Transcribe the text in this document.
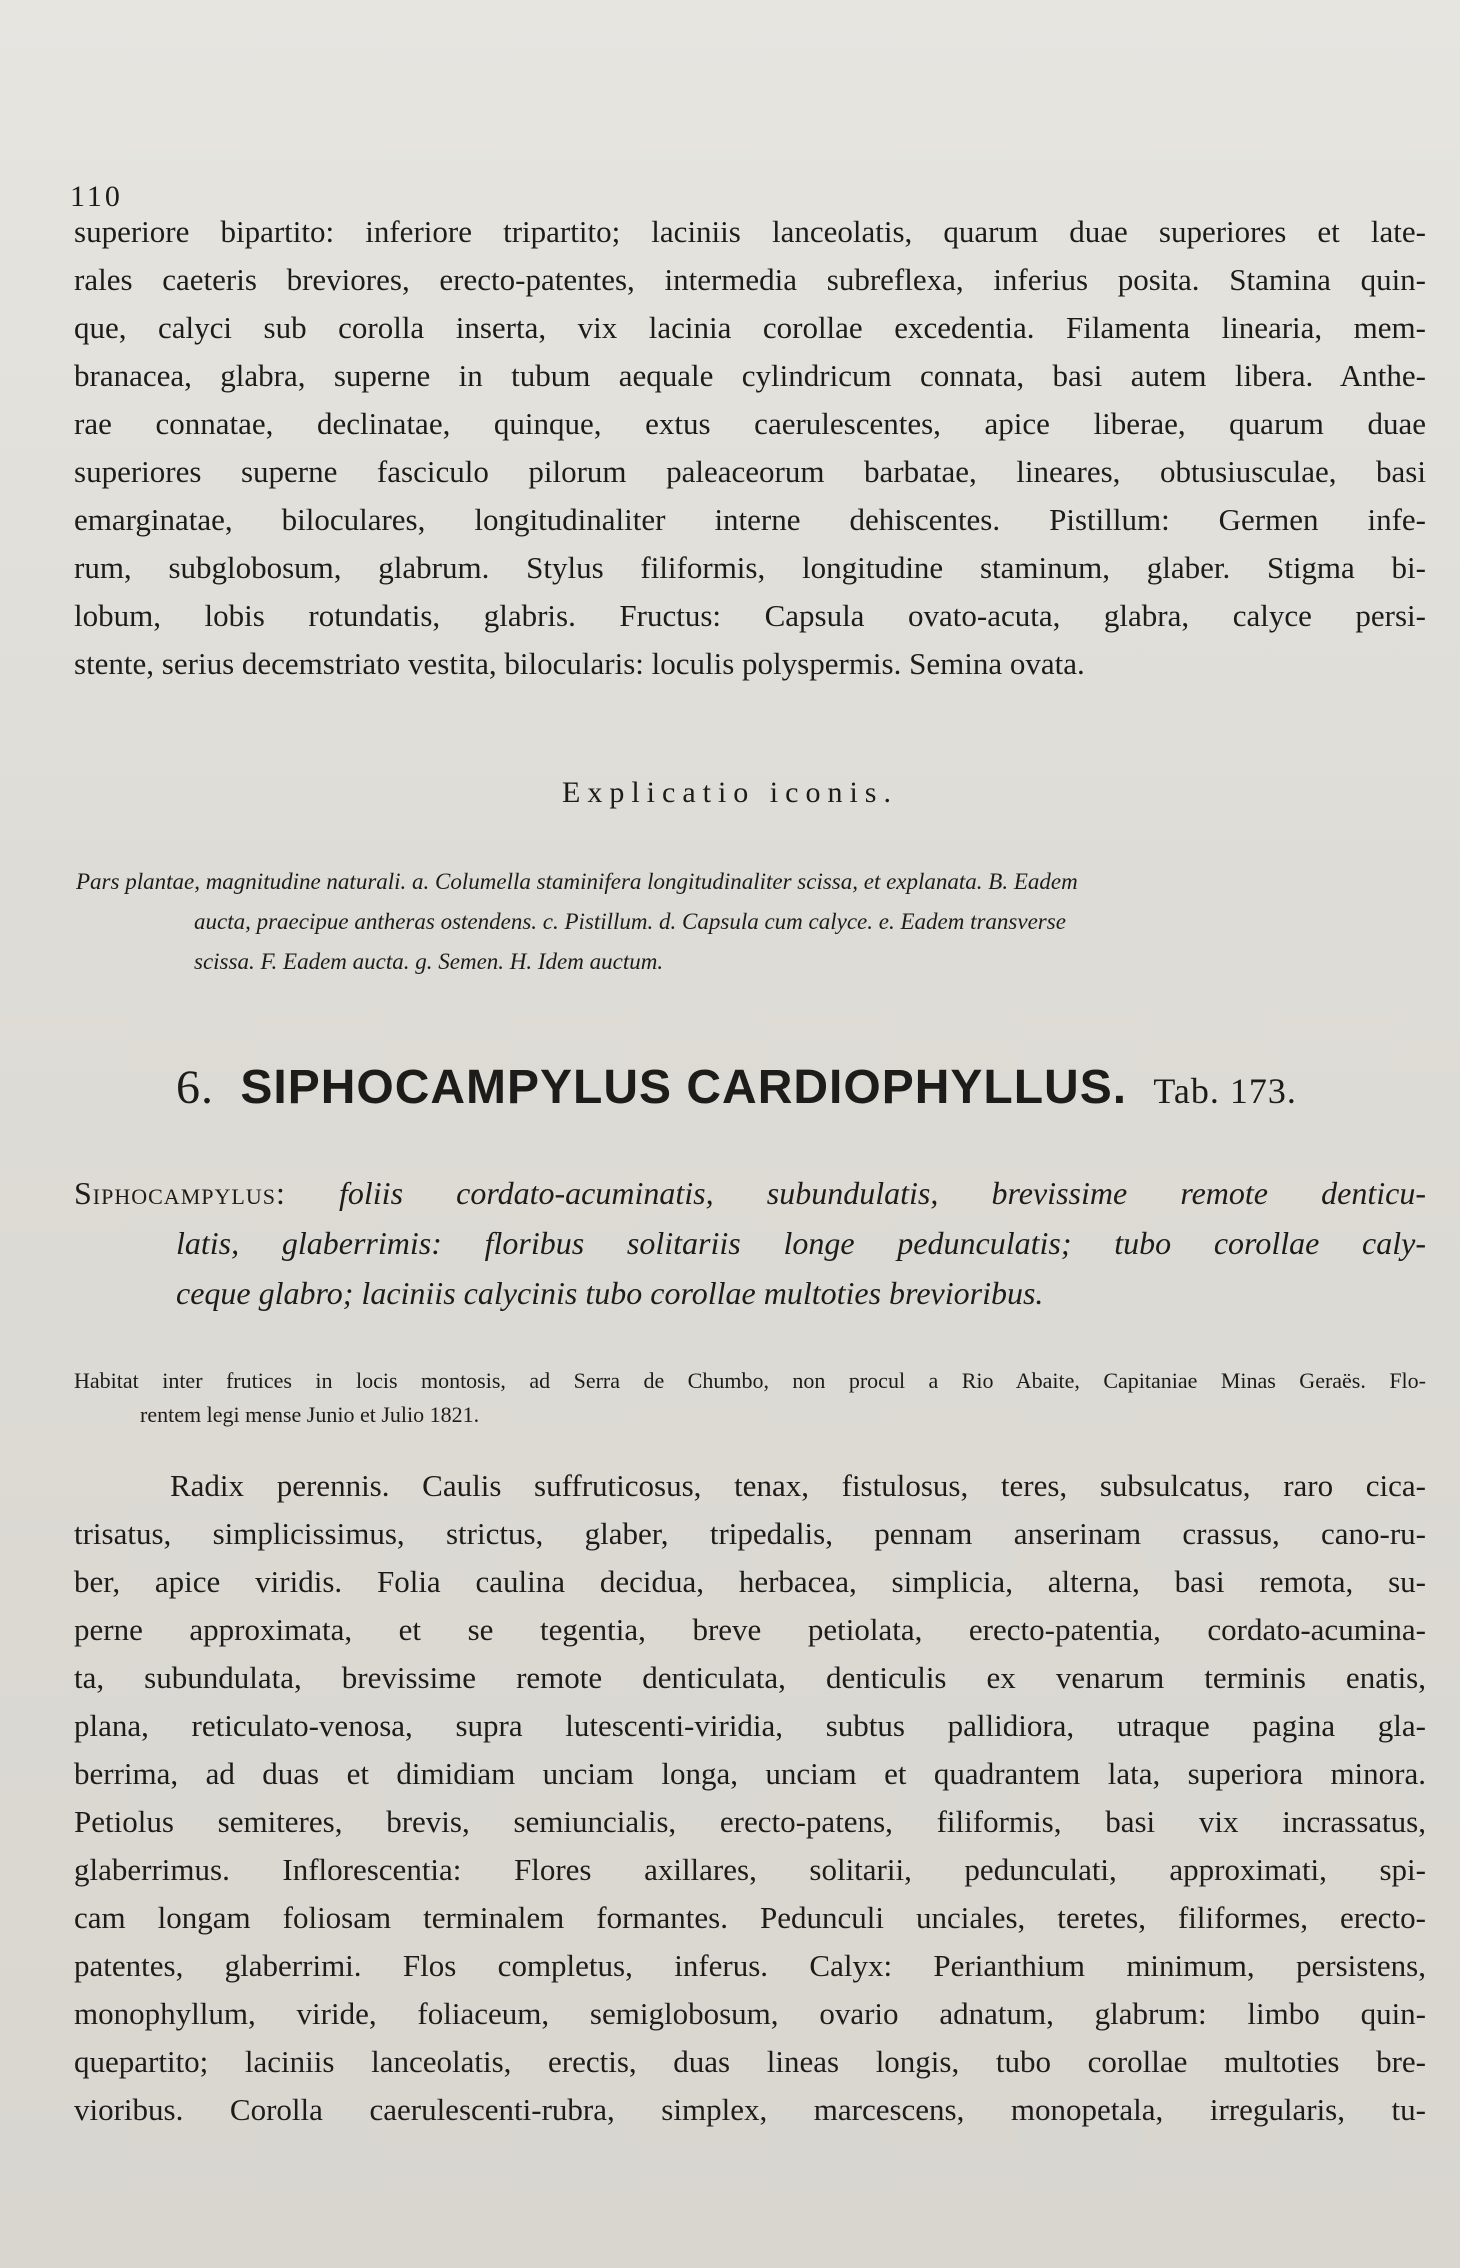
110

superiore bipartito: inferiore tripartito; laciniis lanceolatis, quarum duae superiores et late-

rales caeteris breviores, erecto-patentes, intermedia subreflexa, inferius posita. Stamina quin-

que, calyci sub corolla inserta, vix lacinia corollae excedentia. Filamenta linearia, mem-

branacea, glabra, superne in tubum aequale cylindricum connata, basi autem libera. Anthe-

rae connatae, declinatae, quinque, extus caerulescentes, apice liberae, quarum duae

superiores superne fasciculo pilorum paleaceorum barbatae, lineares, obtusiusculae, basi

emarginatae, biloculares, longitudinaliter interne dehiscentes. Pistillum: Germen infe-

rum, subglobosum, glabrum. Stylus filiformis, longitudine staminum, glaber. Stigma bi-

lobum, lobis rotundatis, glabris. Fructus: Capsula ovato-acuta, glabra, calyce persi-

stente, serius decemstriato vestita, bilocularis: loculis polyspermis. Semina ovata.

Explicatio iconis.

Pars plantae, magnitudine naturali. a. Columella staminifera longitudinaliter scissa, et explanata. B. Eadem

aucta, praecipue antheras ostendens. c. Pistillum. d. Capsula cum calyce. e. Eadem transverse

scissa. F. Eadem aucta. g. Semen. H. Idem auctum.

6. SIPHOCAMPYLUS CARDIOPHYLLUS. Tab. 173.

Siphocampylus: foliis cordato-acuminatis, subundulatis, brevissime remote denticu-

latis, glaberrimis: floribus solitariis longe pedunculatis; tubo corollae caly-

ceque glabro; laciniis calycinis tubo corollae multoties brevioribus.

Habitat inter frutices in locis montosis, ad Serra de Chumbo, non procul a Rio Abaite, Capitaniae Minas Geraës. Flo-

rentem legi mense Junio et Julio 1821.

Radix perennis. Caulis suffruticosus, tenax, fistulosus, teres, subsulcatus, raro cica-

trisatus, simplicissimus, strictus, glaber, tripedalis, pennam anserinam crassus, cano-ru-

ber, apice viridis. Folia caulina decidua, herbacea, simplicia, alterna, basi remota, su-

perne approximata, et se tegentia, breve petiolata, erecto-patentia, cordato-acumina-

ta, subundulata, brevissime remote denticulata, denticulis ex venarum terminis enatis,

plana, reticulato-venosa, supra lutescenti-viridia, subtus pallidiora, utraque pagina gla-

berrima, ad duas et dimidiam unciam longa, unciam et quadrantem lata, superiora minora.

Petiolus semiteres, brevis, semiuncialis, erecto-patens, filiformis, basi vix incrassatus,

glaberrimus. Inflorescentia: Flores axillares, solitarii, pedunculati, approximati, spi-

cam longam foliosam terminalem formantes. Pedunculi unciales, teretes, filiformes, erecto-

patentes, glaberrimi. Flos completus, inferus. Calyx: Perianthium minimum, persistens,

monophyllum, viride, foliaceum, semiglobosum, ovario adnatum, glabrum: limbo quin-

quepartito; laciniis lanceolatis, erectis, duas lineas longis, tubo corollae multoties bre-

vioribus. Corolla caerulescenti-rubra, simplex, marcescens, monopetala, irregularis, tu-
